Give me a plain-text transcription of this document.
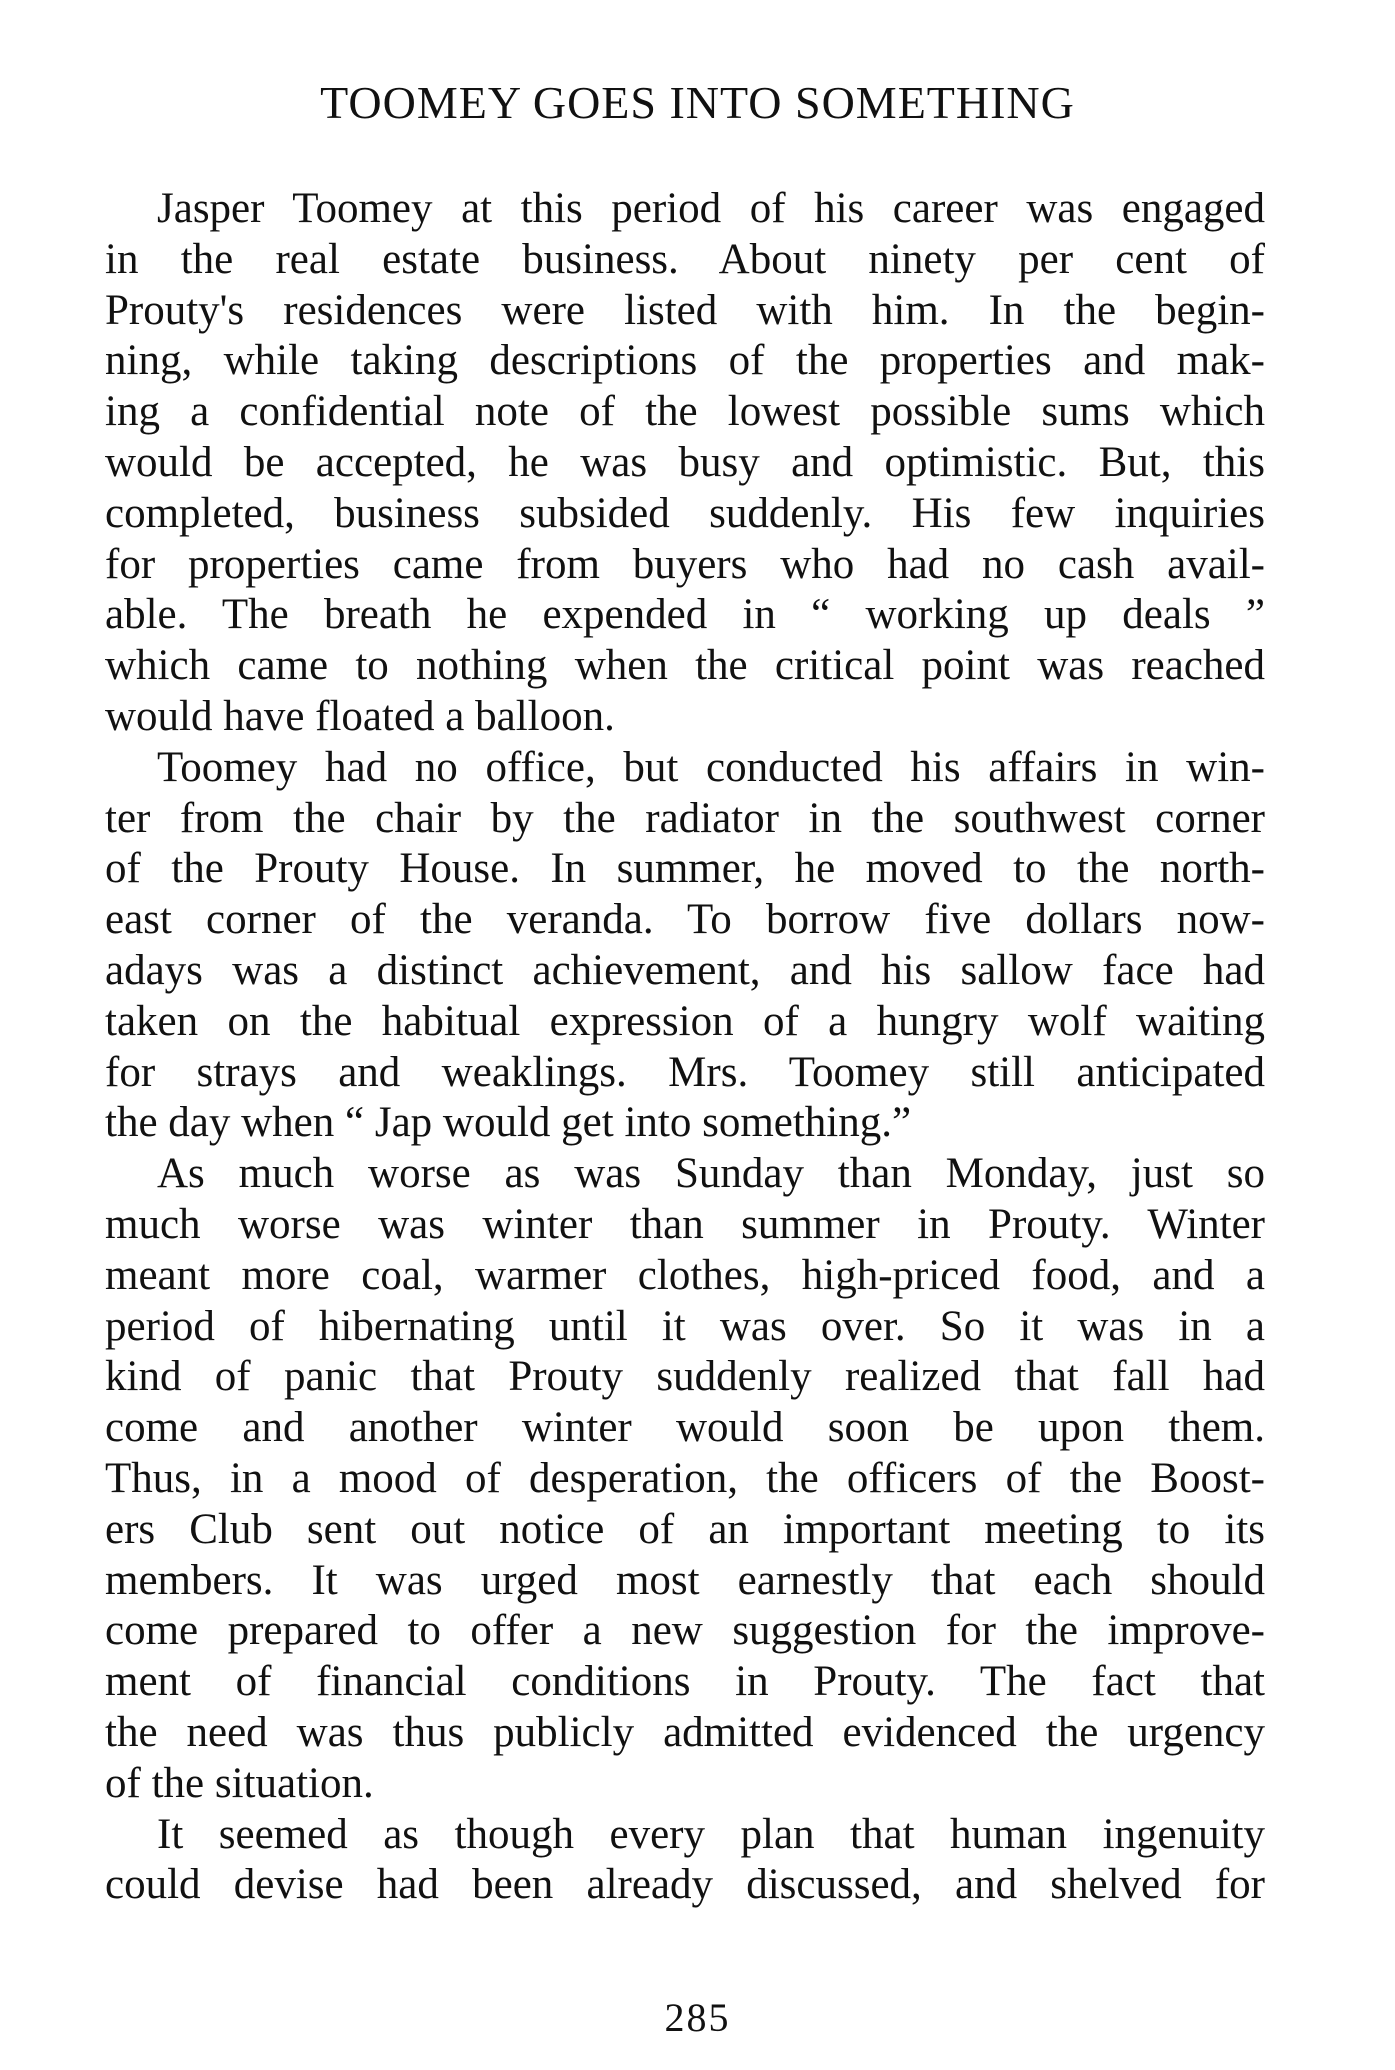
TOOMEY GOES INTO SOMETHING
Jasper Toomey at this period of his career was engaged
in the real estate business. About ninety per cent of
Prouty's residences were listed with him. In the begin-
ning, while taking descriptions of the properties and mak-
ing a confidential note of the lowest possible sums which
would be accepted, he was busy and optimistic. But, this
completed, business subsided suddenly. His few inquiries
for properties came from buyers who had no cash avail-
able. The breath he expended in “ working up deals ”
which came to nothing when the critical point was reached
would have floated a balloon.
Toomey had no office, but conducted his affairs in win-
ter from the chair by the radiator in the southwest corner
of the Prouty House. In summer, he moved to the north-
east corner of the veranda. To borrow five dollars now-
adays was a distinct achievement, and his sallow face had
taken on the habitual expression of a hungry wolf waiting
for strays and weaklings. Mrs. Toomey still anticipated
the day when “ Jap would get into something.”
As much worse as was Sunday than Monday, just so
much worse was winter than summer in Prouty. Winter
meant more coal, warmer clothes, high-priced food, and a
period of hibernating until it was over. So it was in a
kind of panic that Prouty suddenly realized that fall had
come and another winter would soon be upon them.
Thus, in a mood of desperation, the officers of the Boost-
ers Club sent out notice of an important meeting to its
members. It was urged most earnestly that each should
come prepared to offer a new suggestion for the improve-
ment of financial conditions in Prouty. The fact that
the need was thus publicly admitted evidenced the urgency
of the situation.
It seemed as though every plan that human ingenuity
could devise had been already discussed, and shelved for
285
